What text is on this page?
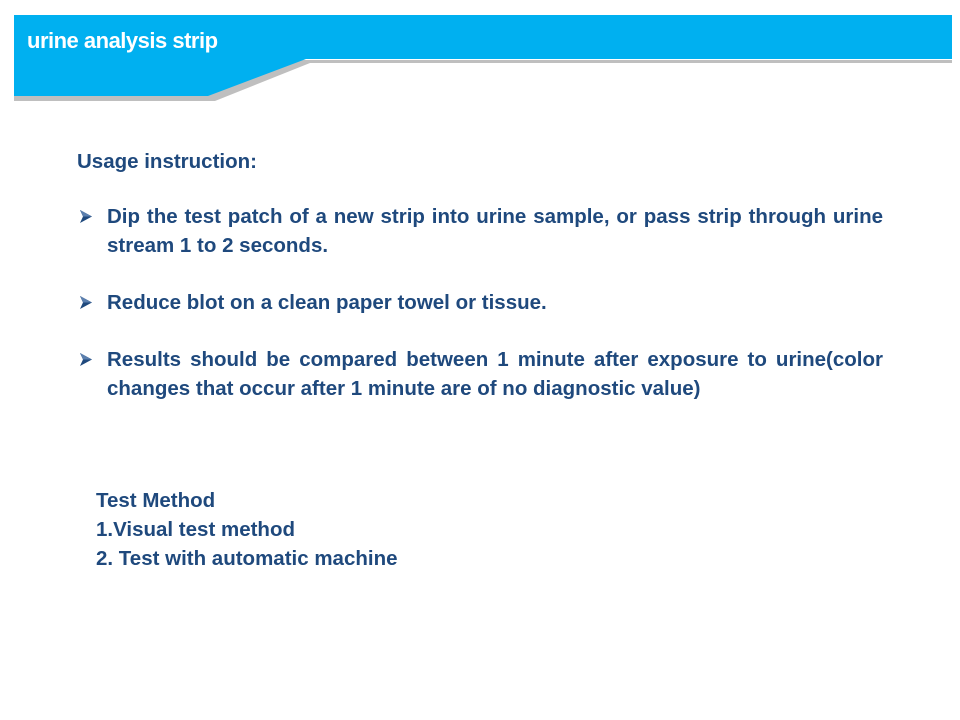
urine analysis strip
Usage instruction:
Dip the test patch of a new strip into urine sample, or pass strip through urine stream 1 to 2 seconds.
Reduce blot on a clean paper towel or tissue.
Results should be compared between 1 minute after exposure to urine(color changes that occur after 1 minute are of no diagnostic value)
Test Method
1.Visual test method
2. Test with automatic machine
